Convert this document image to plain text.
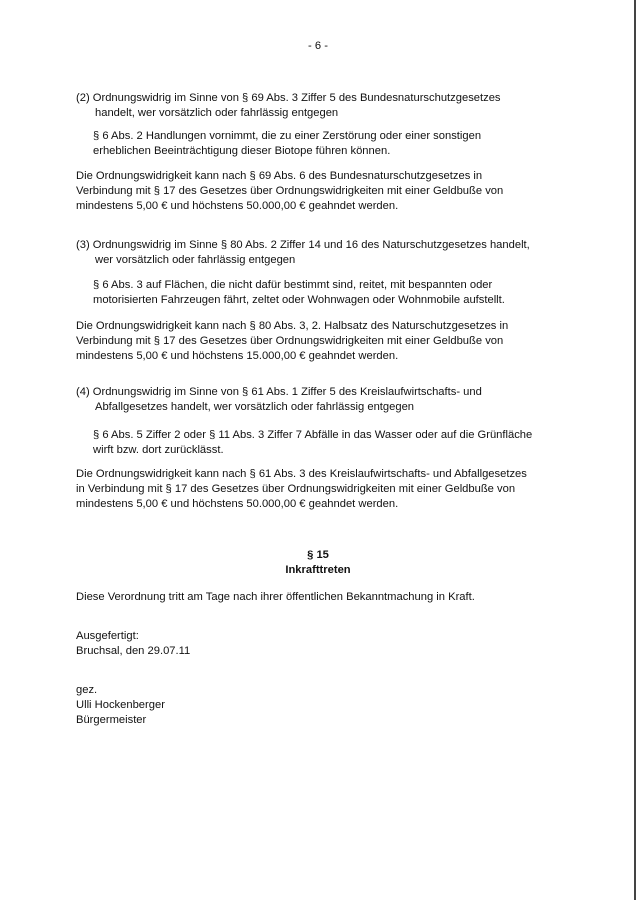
- 6 -
(2) Ordnungswidrig im Sinne von § 69 Abs. 3 Ziffer 5 des Bundesnaturschutzgesetzes
handelt, wer vorsätzlich oder fahrlässig entgegen
§ 6 Abs. 2 Handlungen vornimmt, die zu einer Zerstörung oder einer sonstigen
erheblichen Beeinträchtigung dieser Biotope führen können.
Die Ordnungswidrigkeit kann nach § 69 Abs. 6 des Bundesnaturschutzgesetzes in
Verbindung mit § 17 des Gesetzes über Ordnungswidrigkeiten mit einer Geldbuße von
mindestens 5,00 € und höchstens 50.000,00 € geahndet werden.
(3) Ordnungswidrig im Sinne § 80 Abs. 2 Ziffer 14 und 16 des Naturschutzgesetzes handelt,
wer vorsätzlich oder fahrlässig entgegen
§ 6 Abs. 3 auf Flächen, die nicht dafür bestimmt sind, reitet, mit bespannten oder
motorisierten Fahrzeugen fährt, zeltet oder Wohnwagen oder Wohnmobile aufstellt.
Die Ordnungswidrigkeit kann nach § 80 Abs. 3, 2. Halbsatz des Naturschutzgesetzes in
Verbindung mit § 17 des Gesetzes über Ordnungswidrigkeiten mit einer Geldbuße von
mindestens 5,00 € und höchstens 15.000,00 € geahndet werden.
(4) Ordnungswidrig im Sinne von § 61 Abs. 1 Ziffer 5 des Kreislaufwirtschafts- und
Abfallgesetzes handelt, wer vorsätzlich oder fahrlässig entgegen
§ 6 Abs. 5 Ziffer 2 oder § 11 Abs. 3 Ziffer 7 Abfälle in das Wasser oder auf die Grünfläche
wirft bzw. dort zurücklässt.
Die Ordnungswidrigkeit kann nach § 61 Abs. 3 des Kreislaufwirtschafts- und Abfallgesetzes
in Verbindung mit § 17 des Gesetzes über Ordnungswidrigkeiten mit einer Geldbuße von
mindestens 5,00 € und höchstens 50.000,00 € geahndet werden.
§ 15
Inkrafttreten
Diese Verordnung tritt am Tage nach ihrer öffentlichen Bekanntmachung in Kraft.
Ausgefertigt:
Bruchsal, den 29.07.11
gez.
Ulli Hockenberger
Bürgermeister
